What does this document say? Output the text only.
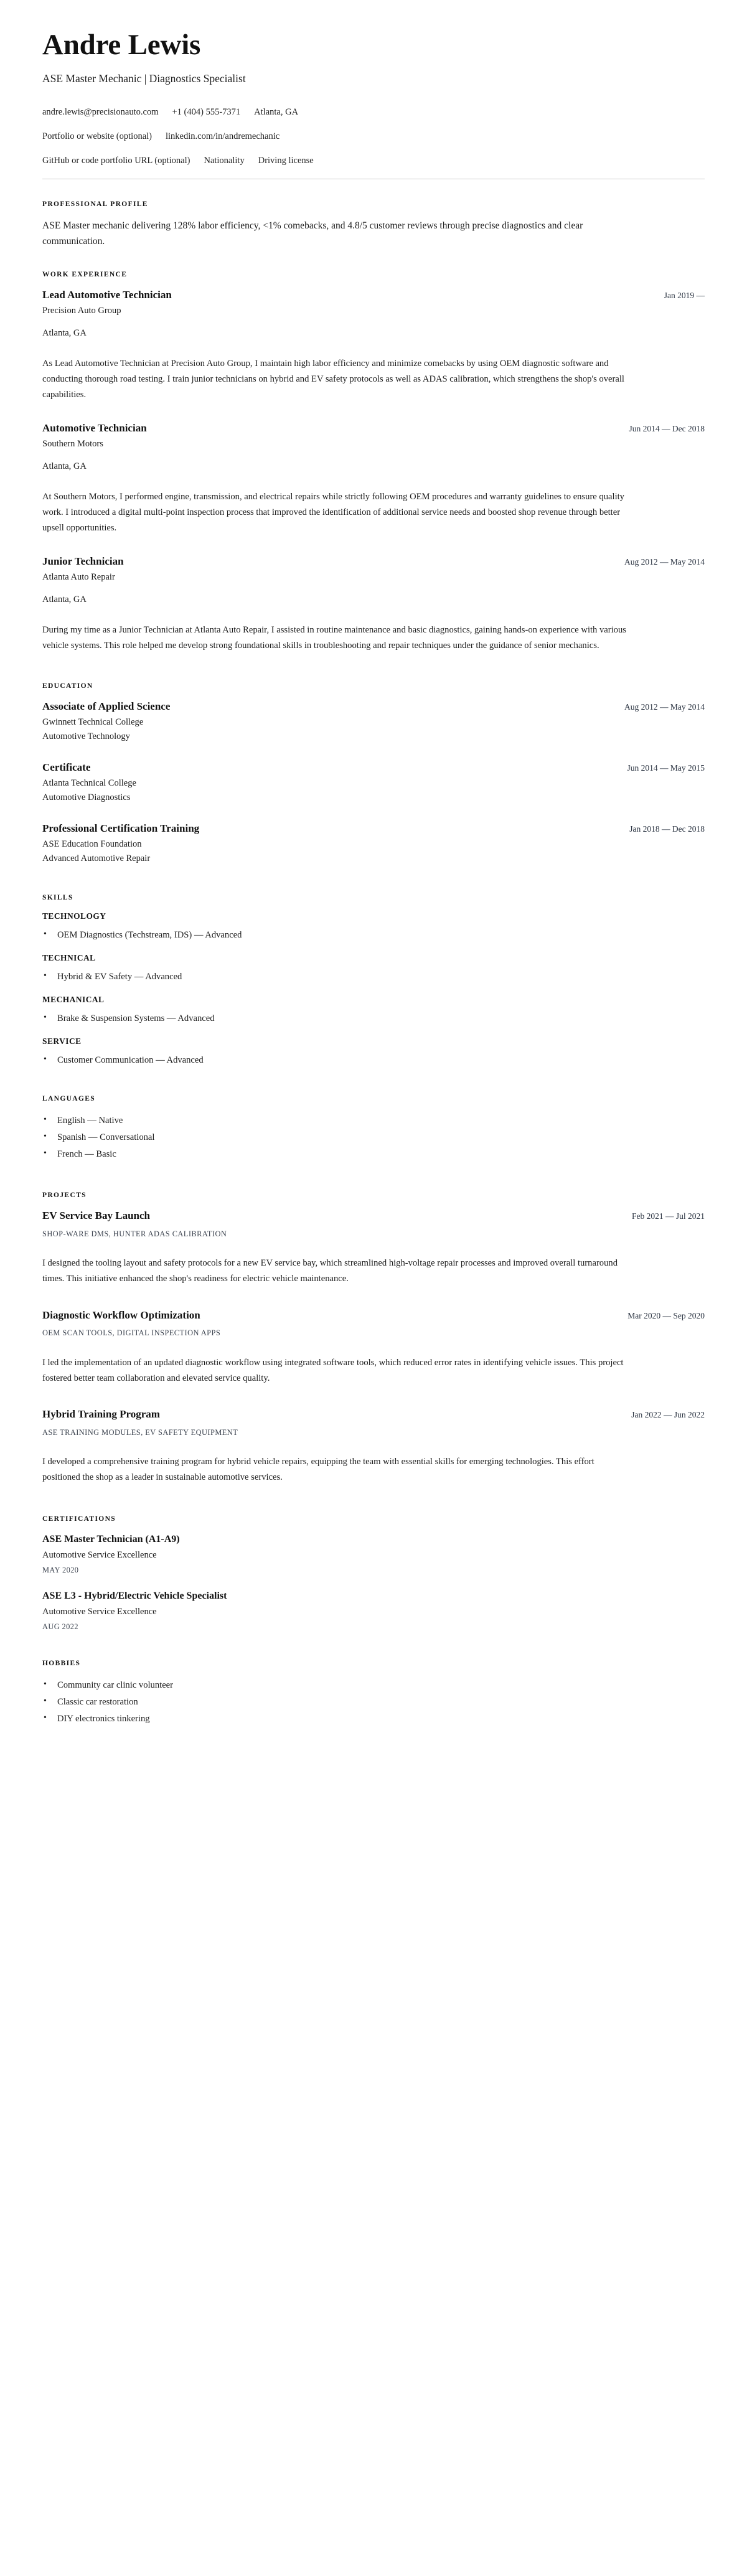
Andre Lewis
ASE Master Mechanic | Diagnostics Specialist
andre.lewis@precisionauto.com +1 (404) 555-7371 Atlanta, GA
Portfolio or website (optional) linkedin.com/in/andremechanic
GitHub or code portfolio URL (optional) Nationality Driving license
PROFESSIONAL PROFILE

ASE Master mechanic delivering 128% labor efficiency, <1% comebacks, and 4.8/5 customer reviews through precise diagnostics and clear communication.

WORK EXPERIENCE
Lead Automotive Technician	Jan 2019 —

Precision Auto Group

Atlanta, GA

As Lead Automotive Technician at Precision Auto Group, I maintain high labor efficiency and minimize comebacks by using OEM diagnostic software and conducting thorough road testing. I train junior technicians on hybrid and EV safety protocols as well as ADAS calibration, which strengthens the shop's overall capabilities.

Automotive Technician	Jun 2014 — Dec 2018

Southern Motors

Atlanta, GA

At Southern Motors, I performed engine, transmission, and electrical repairs while strictly following OEM procedures and warranty guidelines to ensure quality work. I introduced a digital multi-point inspection process that improved the identification of additional service needs and boosted shop revenue through better upsell opportunities.

Junior Technician	Aug 2012 — May 2014

Atlanta Auto Repair

Atlanta, GA

During my time as a Junior Technician at Atlanta Auto Repair, I assisted in routine maintenance and basic diagnostics, gaining hands-on experience with various vehicle systems. This role helped me develop strong foundational skills in troubleshooting and repair techniques under the guidance of senior mechanics.

EDUCATION
Associate of Applied Science	Aug 2012 — May 2014

Gwinnett Technical College

Automotive Technology

Certificate	Jun 2014 — May 2015

Atlanta Technical College

Automotive Diagnostics

Professional Certification Training	Jan 2018 — Dec 2018

ASE Education Foundation

Advanced Automotive Repair

SKILLS
TECHNOLOGY
• OEM Diagnostics (Techstream, IDS) — Advanced
TECHNICAL
• Hybrid & EV Safety — Advanced
MECHANICAL
• Brake & Suspension Systems — Advanced
SERVICE
• Customer Communication — Advanced
LANGUAGES
• English — Native
• Spanish — Conversational
• French — Basic
PROJECTS
EV Service Bay Launch	Feb 2021 — Jul 2021

SHOP-WARE DMS, HUNTER ADAS CALIBRATION

I designed the tooling layout and safety protocols for a new EV service bay, which streamlined high-voltage repair processes and improved overall turnaround times. This initiative enhanced the shop's readiness for electric vehicle maintenance.

Diagnostic Workflow Optimization	Mar 2020 — Sep 2020

OEM SCAN TOOLS, DIGITAL INSPECTION APPS

I led the implementation of an updated diagnostic workflow using integrated software tools, which reduced error rates in identifying vehicle issues. This project fostered better team collaboration and elevated service quality.

Hybrid Training Program	Jan 2022 — Jun 2022

ASE TRAINING MODULES, EV SAFETY EQUIPMENT

I developed a comprehensive training program for hybrid vehicle repairs, equipping the team with essential skills for emerging technologies. This effort positioned the shop as a leader in sustainable automotive services.

CERTIFICATIONS
ASE Master Technician (A1-A9)

Automotive Service Excellence

MAY 2020

ASE L3 - Hybrid/Electric Vehicle Specialist

Automotive Service Excellence

AUG 2022

HOBBIES
• Community car clinic volunteer
• Classic car restoration
• DIY electronics tinkering
